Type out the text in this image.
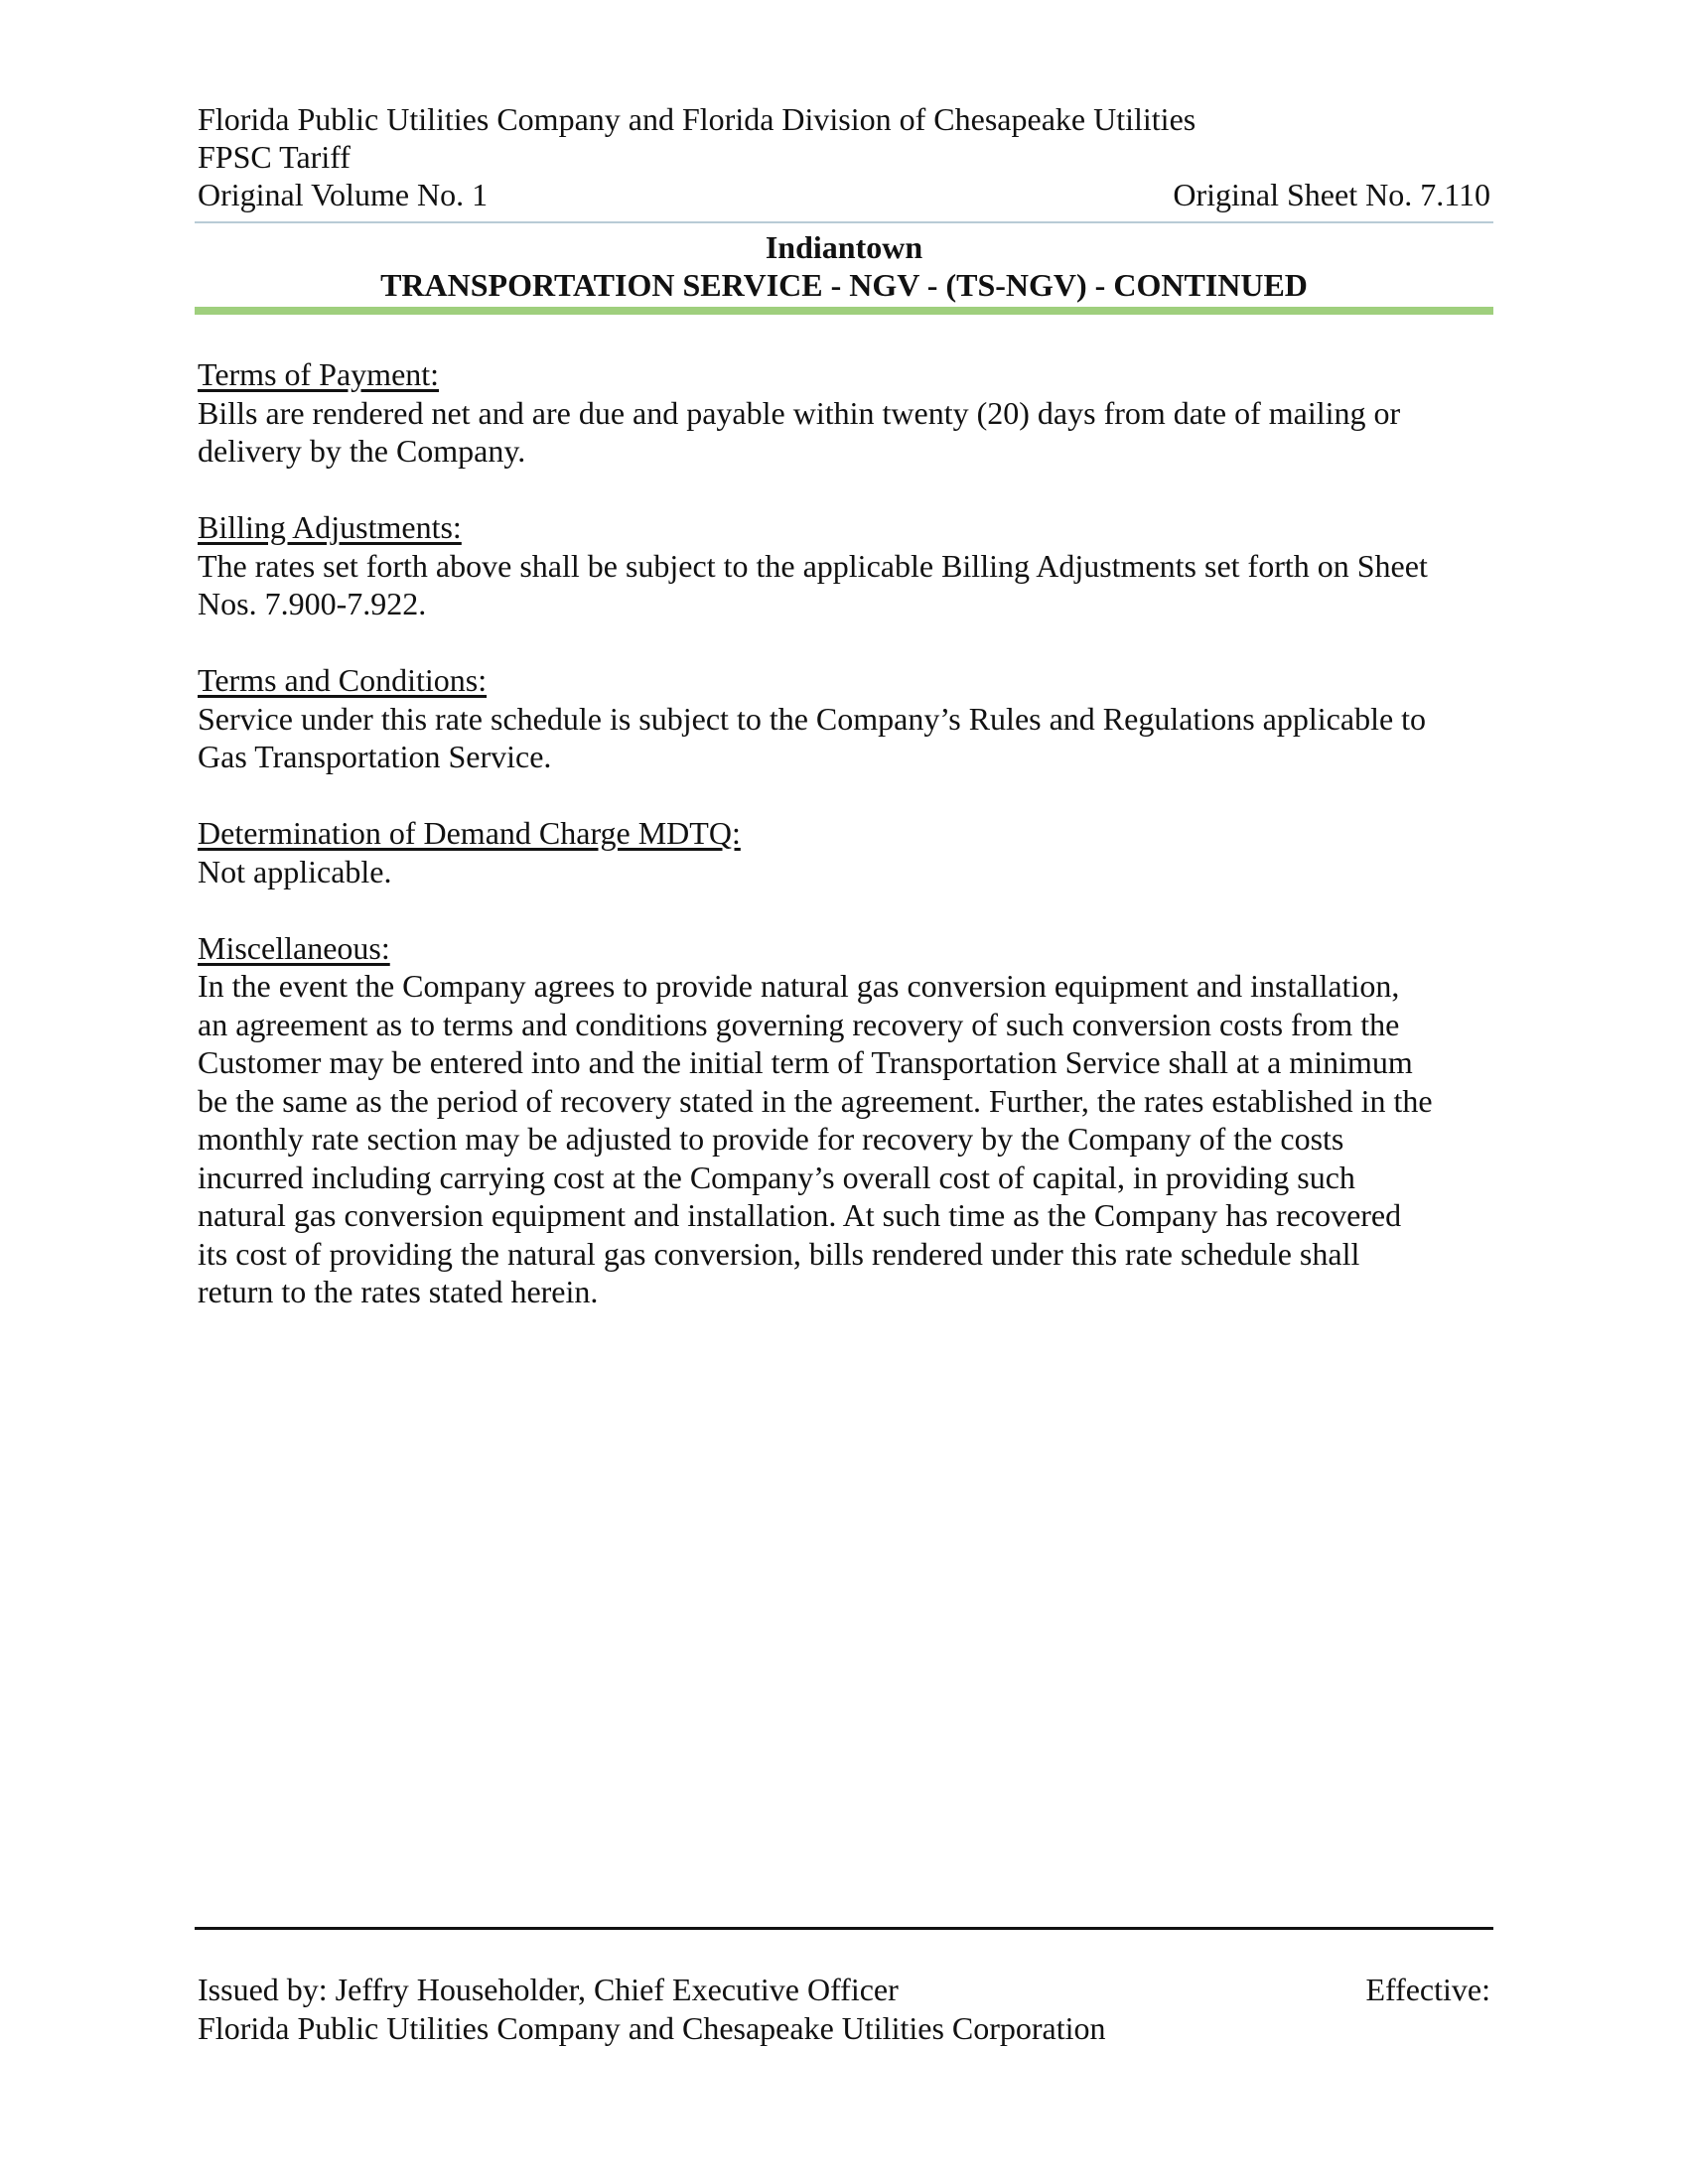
Florida Public Utilities Company and Florida Division of Chesapeake Utilities
FPSC Tariff
Original Volume No. 1	Original Sheet No. 7.110
Indiantown
TRANSPORTATION SERVICE - NGV - (TS-NGV) - CONTINUED
Terms of Payment:
Bills are rendered net and are due and payable within twenty (20) days from date of mailing or
delivery by the Company.
Billing Adjustments:
The rates set forth above shall be subject to the applicable Billing Adjustments set forth on Sheet
Nos. 7.900-7.922.
Terms and Conditions:
Service under this rate schedule is subject to the Company’s Rules and Regulations applicable to
Gas Transportation Service.
Determination of Demand Charge MDTQ:
Not applicable.
Miscellaneous:
In the event the Company agrees to provide natural gas conversion equipment and installation,
an agreement as to terms and conditions governing recovery of such conversion costs from the
Customer may be entered into and the initial term of Transportation Service shall at a minimum
be the same as the period of recovery stated in the agreement. Further, the rates established in the
monthly rate section may be adjusted to provide for recovery by the Company of the costs
incurred including carrying cost at the Company’s overall cost of capital, in providing such
natural gas conversion equipment and installation. At such time as the Company has recovered
its cost of providing the natural gas conversion, bills rendered under this rate schedule shall
return to the rates stated herein.
Issued by: Jeffry Householder, Chief Executive Officer	Effective:
Florida Public Utilities Company and Chesapeake Utilities Corporation
